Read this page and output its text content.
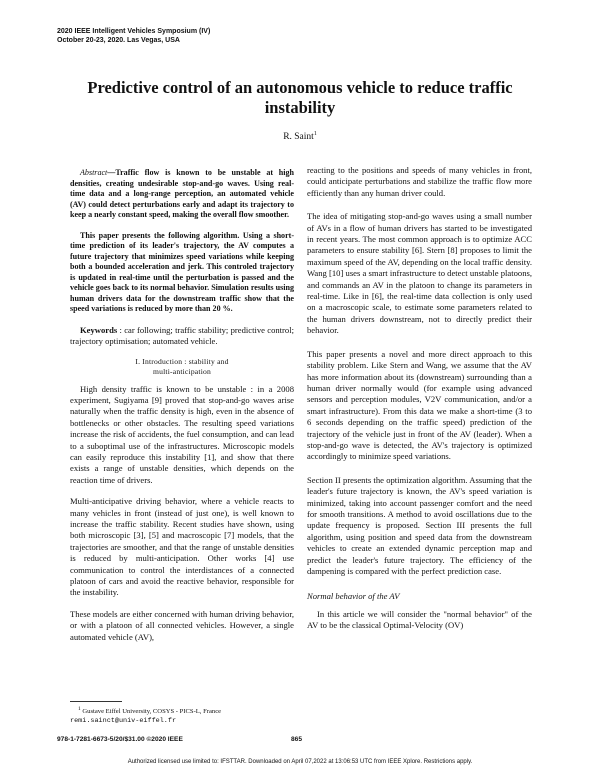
2020 IEEE Intelligent Vehicles Symposium (IV)
October 20-23, 2020. Las Vegas, USA
Predictive control of an autonomous vehicle to reduce traffic instability
R. Saint$^1$

Abstract—Traffic flow is known to be unstable at high densities, creating undesirable stop-and-go waves. Using real-time data and a long-range perception, an automated vehicle (AV) could detect perturbations early and adapt its trajectory to keep a nearly constant speed, making the overall flow smoother.

This paper presents the following algorithm. Using a short-time prediction of its leader's trajectory, the AV computes a future trajectory that minimizes speed variations while keeping both a bounded acceleration and jerk. This controled trajectory is updated in real-time until the perturbation is passed and the vehicle goes back to its normal behavior. Simulation results using human drivers data for the downstream traffic show that the speed variations is reduced by more than 20 %.

Keywords : car following; traffic stability; predictive control; trajectory optimisation; automated vehicle.

I. Introduction : stability and
multi-anticipation

High density traffic is known to be unstable : in a 2008 experiment, Sugiyama [9] proved that stop-and-go waves arise naturally when the traffic density is high, even in the absence of bottlenecks or other obstacles. The resulting speed variations increase the risk of accidents, the fuel consumption, and can lead to a suboptimal use of the infrastructures. Microscopic models can easily reproduce this instability [1], and show that there exists a range of unstable densities, which depends on the reaction time of drivers.

Multi-anticipative driving behavior, where a vehicle reacts to many vehicles in front (instead of just one), is well known to increase the traffic stability. Recent studies have shown, using both microscopic [3], [5] and macroscopic [7] models, that the trajectories are smoother, and that the range of unstable densities is reduced by multi-anticipation. Other works [4] use communication to control the interdistances of a connected platoon of cars and avoid the reactive behavior, responsible for the instability.

These models are either concerned with human driving behavior, or with a platoon of all connected vehicles. However, a single automated vehicle (AV),

$^1$ Gustave Eiffel University, COSYS - PICS-L, France
remi.sainct@univ-eiffel.fr

reacting to the positions and speeds of many vehicles in front, could anticipate perturbations and stabilize the traffic flow more efficiently than any human driver could.

The idea of mitigating stop-and-go waves using a small number of AVs in a flow of human drivers has started to be investigated in recent years. The most common approach is to optimize ACC parameters to ensure stability [6]. Stern [8] proposes to limit the maximum speed of the AV, depending on the local traffic density. Wang [10] uses a smart infrastructure to detect unstable platoons, and commands an AV in the platoon to change its parameters in real-time. Like in [6], the real-time data collection is only used on a macroscopic scale, to estimate some parameters related to the human drivers downstream, not to directly predict their behavior.

This paper presents a novel and more direct approach to this stability problem. Like Stern and Wang, we assume that the AV has more information about its (downstream) surrounding than a human driver normally would (for example using advanced sensors and perception modules, V2V communication, and/or a smart infrastructure). From this data we make a short-time (3 to 6 seconds depending on the traffic speed) prediction of the trajectory of the vehicle just in front of the AV (leader). When a stop-and-go wave is detected, the AV's trajectory is optimized accordingly to minimize speed variations.

Section II presents the optimization algorithm. Assuming that the leader's future trajectory is known, the AV's speed variation is minimized, taking into account passenger comfort and the need for smooth transitions. A method to avoid oscillations due to the update frequency is proposed. Section III presents the full algorithm, using position and speed data from the downstream vehicles to create an extended dynamic perception map and predict the leader's future trajectory. The efficiency of the dampening is compared with the perfect prediction case.

Normal behavior of the AV

In this article we will consider the "normal behavior" of the AV to be the classical Optimal-Velocity (OV)

978-1-7281-6673-5/20/$31.00 ©2020 IEEE	865
Authorized licensed use limited to: IFSTTAR. Downloaded on April 07,2022 at 13:06:53 UTC from IEEE Xplore. Restrictions apply.
